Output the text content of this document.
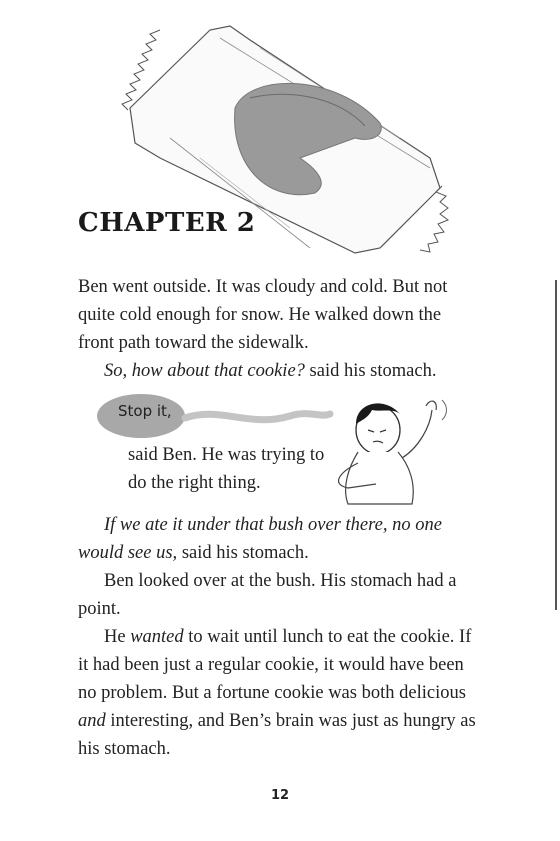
CHAPTER 2

Ben went outside. It was cloudy and cold. But not quite cold enough for snow. He walked down the front path toward the sidewalk.

So, how about that cookie? said his stomach.

Stop it,

said Ben. He was trying to do the right thing.

If we ate it under that bush over there, no one would see us, said his stomach.

Ben looked over at the bush. His stomach had a point.

He wanted to wait until lunch to eat the cookie. If it had been just a regular cookie, it would have been no problem. But a fortune cookie was both delicious and interesting, and Ben’s brain was just as hungry as his stomach.

12
